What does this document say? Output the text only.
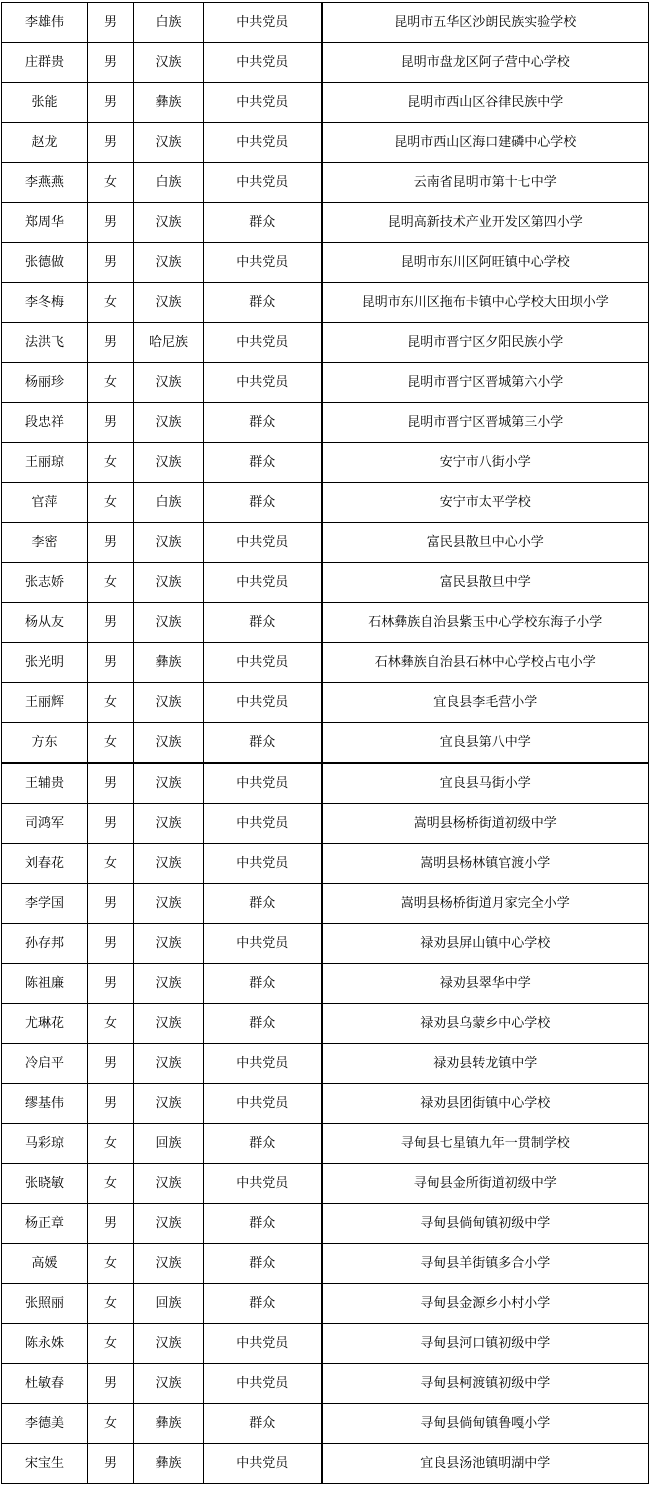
李雄伟	男	白族	中共党员	昆明市五华区沙朗民族实验学校
庄群贵	男	汉族	中共党员	昆明市盘龙区阿子营中心学校
张能	男	彝族	中共党员	昆明市西山区谷律民族中学
赵龙	男	汉族	中共党员	昆明市西山区海口建磷中心学校
李燕燕	女	白族	中共党员	云南省昆明市第十七中学
郑周华	男	汉族	群众	昆明高新技术产业开发区第四小学
张德做	男	汉族	中共党员	昆明市东川区阿旺镇中心学校
李冬梅	女	汉族	群众	昆明市东川区拖布卡镇中心学校大田坝小学
法洪飞	男	哈尼族	中共党员	昆明市晋宁区夕阳民族小学
杨丽珍	女	汉族	中共党员	昆明市晋宁区晋城第六小学
段忠祥	男	汉族	群众	昆明市晋宁区晋城第三小学
王丽琼	女	汉族	群众	安宁市八街小学
官萍	女	白族	群众	安宁市太平学校
李密	男	汉族	中共党员	富民县散旦中心小学
张志娇	女	汉族	中共党员	富民县散旦中学
杨从友	男	汉族	群众	石林彝族自治县紫玉中心学校东海子小学
张光明	男	彝族	中共党员	石林彝族自治县石林中心学校占屯小学
王丽辉	女	汉族	中共党员	宜良县李毛营小学
方东	女	汉族	群众	宜良县第八中学
王辅贵	男	汉族	中共党员	宜良县马街小学
司鸿军	男	汉族	中共党员	嵩明县杨桥街道初级中学
刘春花	女	汉族	中共党员	嵩明县杨林镇官渡小学
李学国	男	汉族	群众	嵩明县杨桥街道月家完全小学
孙存邦	男	汉族	中共党员	禄劝县屏山镇中心学校
陈祖廉	男	汉族	群众	禄劝县翠华中学
尤琳花	女	汉族	群众	禄劝县乌蒙乡中心学校
冷启平	男	汉族	中共党员	禄劝县转龙镇中学
缪基伟	男	汉族	中共党员	禄劝县团街镇中心学校
马彩琼	女	回族	群众	寻甸县七星镇九年一贯制学校
张晓敏	女	汉族	中共党员	寻甸县金所街道初级中学
杨正章	男	汉族	群众	寻甸县倘甸镇初级中学
高媛	女	汉族	群众	寻甸县羊街镇多合小学
张照丽	女	回族	群众	寻甸县金源乡小村小学
陈永姝	女	汉族	中共党员	寻甸县河口镇初级中学
杜敏春	男	汉族	中共党员	寻甸县柯渡镇初级中学
李德美	女	彝族	群众	寻甸县倘甸镇鲁嘎小学
宋宝生	男	彝族	中共党员	宜良县汤池镇明湖中学
